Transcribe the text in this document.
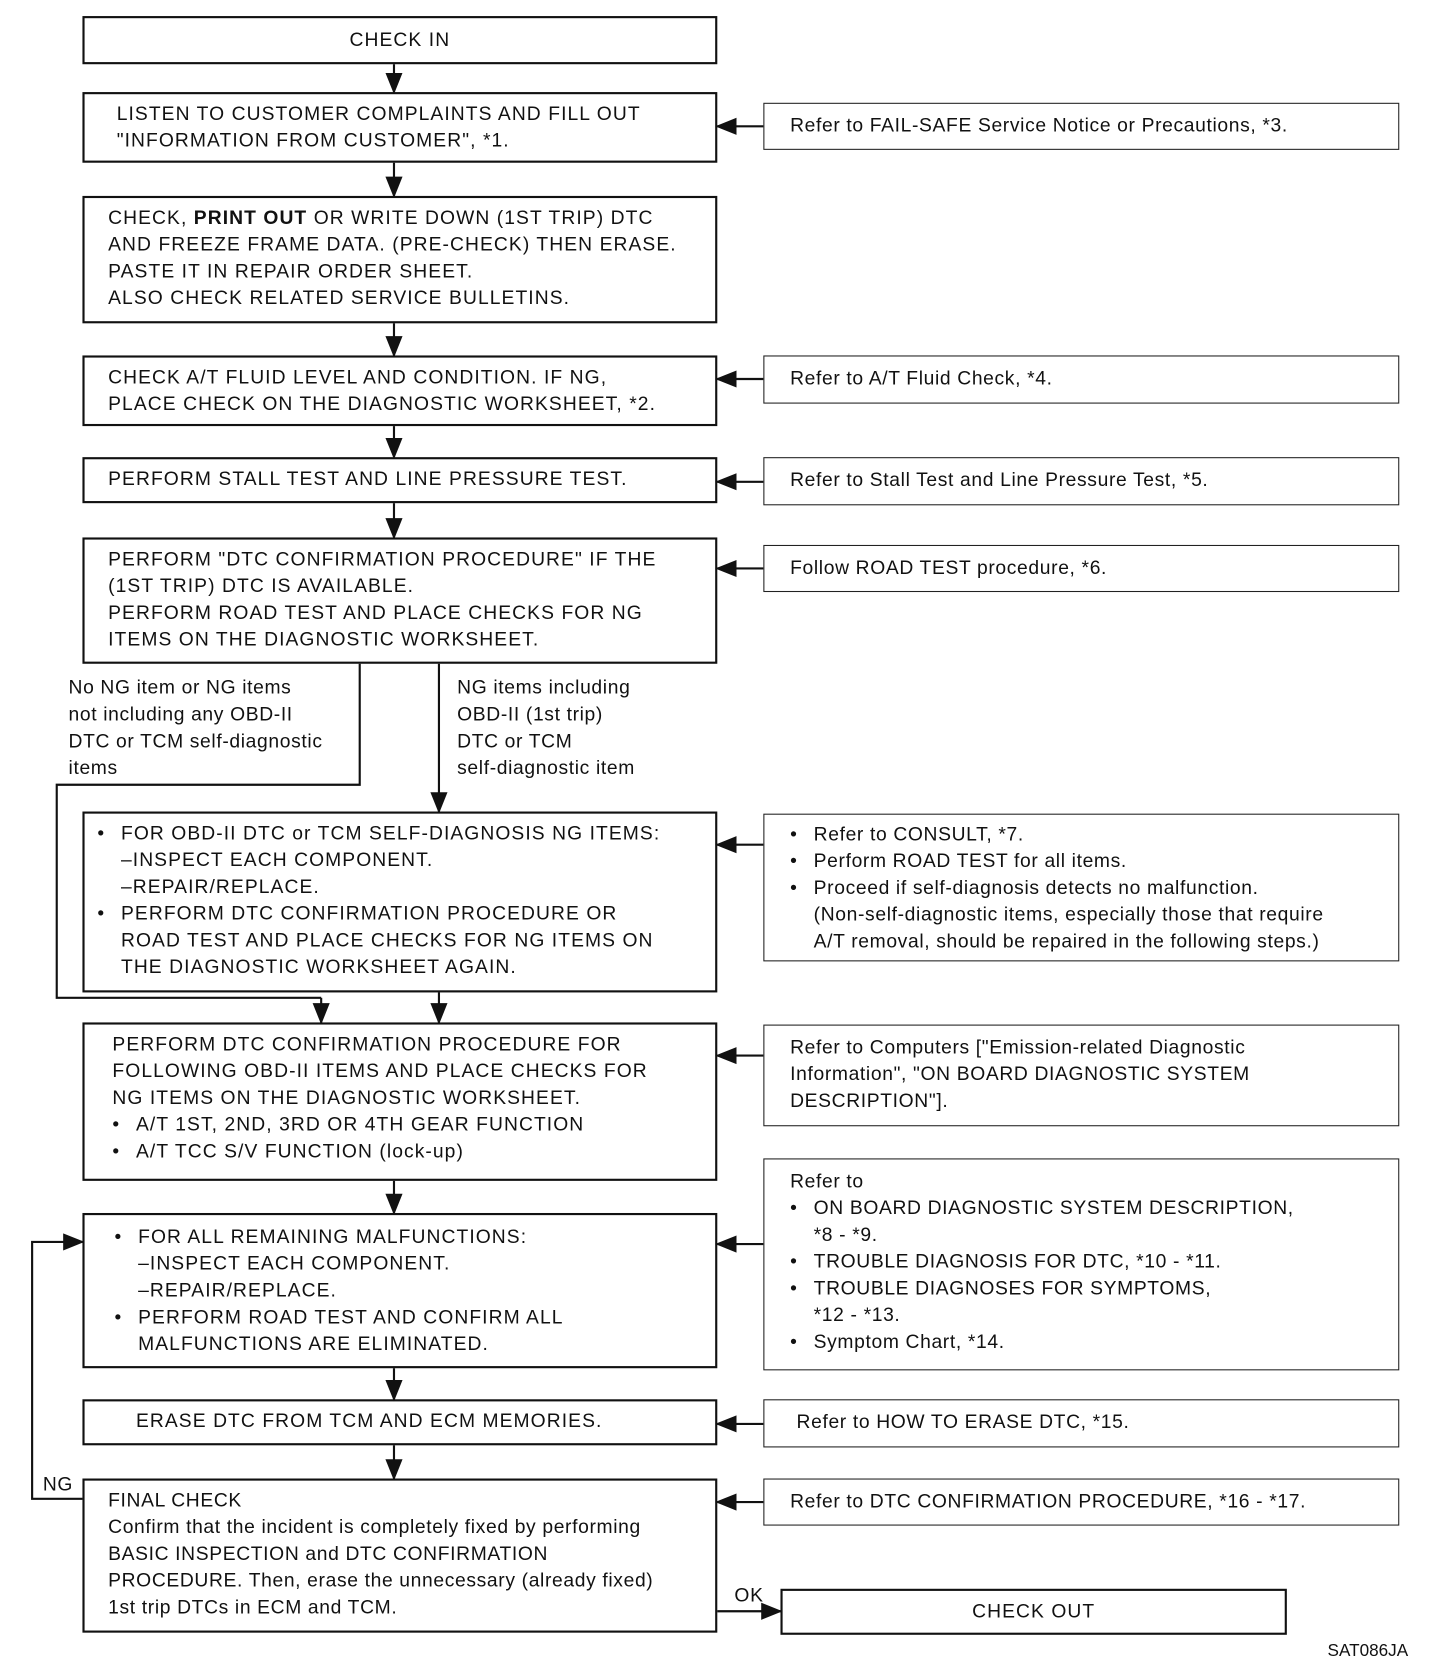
CHECK IN
LISTEN TO CUSTOMER COMPLAINTS AND FILL OUT
"INFORMATION FROM CUSTOMER", *1.
CHECK, PRINT OUT OR WRITE DOWN (1ST TRIP) DTC
AND FREEZE FRAME DATA. (PRE-CHECK) THEN ERASE.
PASTE IT IN REPAIR ORDER SHEET.
ALSO CHECK RELATED SERVICE BULLETINS.
CHECK A/T FLUID LEVEL AND CONDITION. IF NG,
PLACE CHECK ON THE DIAGNOSTIC WORKSHEET, *2.
PERFORM STALL TEST AND LINE PRESSURE TEST.
PERFORM "DTC CONFIRMATION PROCEDURE" IF THE
(1ST TRIP) DTC IS AVAILABLE.
PERFORM ROAD TEST AND PLACE CHECKS FOR NG
ITEMS ON THE DIAGNOSTIC WORKSHEET.
No NG item or NG items
not including any OBD-II
DTC or TCM self-diagnostic
items
NG items including
OBD-II (1st trip)
DTC or TCM
self-diagnostic item
• FOR OBD-II DTC or TCM SELF-DIAGNOSIS NG ITEMS:
–INSPECT EACH COMPONENT.
–REPAIR/REPLACE.
• PERFORM DTC CONFIRMATION PROCEDURE OR
ROAD TEST AND PLACE CHECKS FOR NG ITEMS ON
THE DIAGNOSTIC WORKSHEET AGAIN.
PERFORM DTC CONFIRMATION PROCEDURE FOR
FOLLOWING OBD-II ITEMS AND PLACE CHECKS FOR
NG ITEMS ON THE DIAGNOSTIC WORKSHEET.
• A/T 1ST, 2ND, 3RD OR 4TH GEAR FUNCTION
• A/T TCC S/V FUNCTION (lock-up)
• FOR ALL REMAINING MALFUNCTIONS:
–INSPECT EACH COMPONENT.
–REPAIR/REPLACE.
• PERFORM ROAD TEST AND CONFIRM ALL
MALFUNCTIONS ARE ELIMINATED.
ERASE DTC FROM TCM AND ECM MEMORIES.
FINAL CHECK
Confirm that the incident is completely fixed by performing
BASIC INSPECTION and DTC CONFIRMATION
PROCEDURE. Then, erase the unnecessary (already fixed)
1st trip DTCs in ECM and TCM.	CHECK OUT
NG
OK
Refer to FAIL-SAFE Service Notice or Precautions, *3.
Refer to A/T Fluid Check, *4.
Refer to Stall Test and Line Pressure Test, *5.
Follow ROAD TEST procedure, *6.
• Refer to CONSULT, *7.
• Perform ROAD TEST for all items.
• Proceed if self-diagnosis detects no malfunction.
(Non-self-diagnostic items, especially those that require
A/T removal, should be repaired in the following steps.)
Refer to Computers ["Emission-related Diagnostic
Information", "ON BOARD DIAGNOSTIC SYSTEM
DESCRIPTION"].
Refer to
• ON BOARD DIAGNOSTIC SYSTEM DESCRIPTION,
*8 - *9.
• TROUBLE DIAGNOSIS FOR DTC, *10 - *11.
• TROUBLE DIAGNOSES FOR SYMPTOMS,
*12 - *13.
• Symptom Chart, *14.
Refer to HOW TO ERASE DTC, *15.
Refer to DTC CONFIRMATION PROCEDURE, *16 - *17.
SAT086JA
